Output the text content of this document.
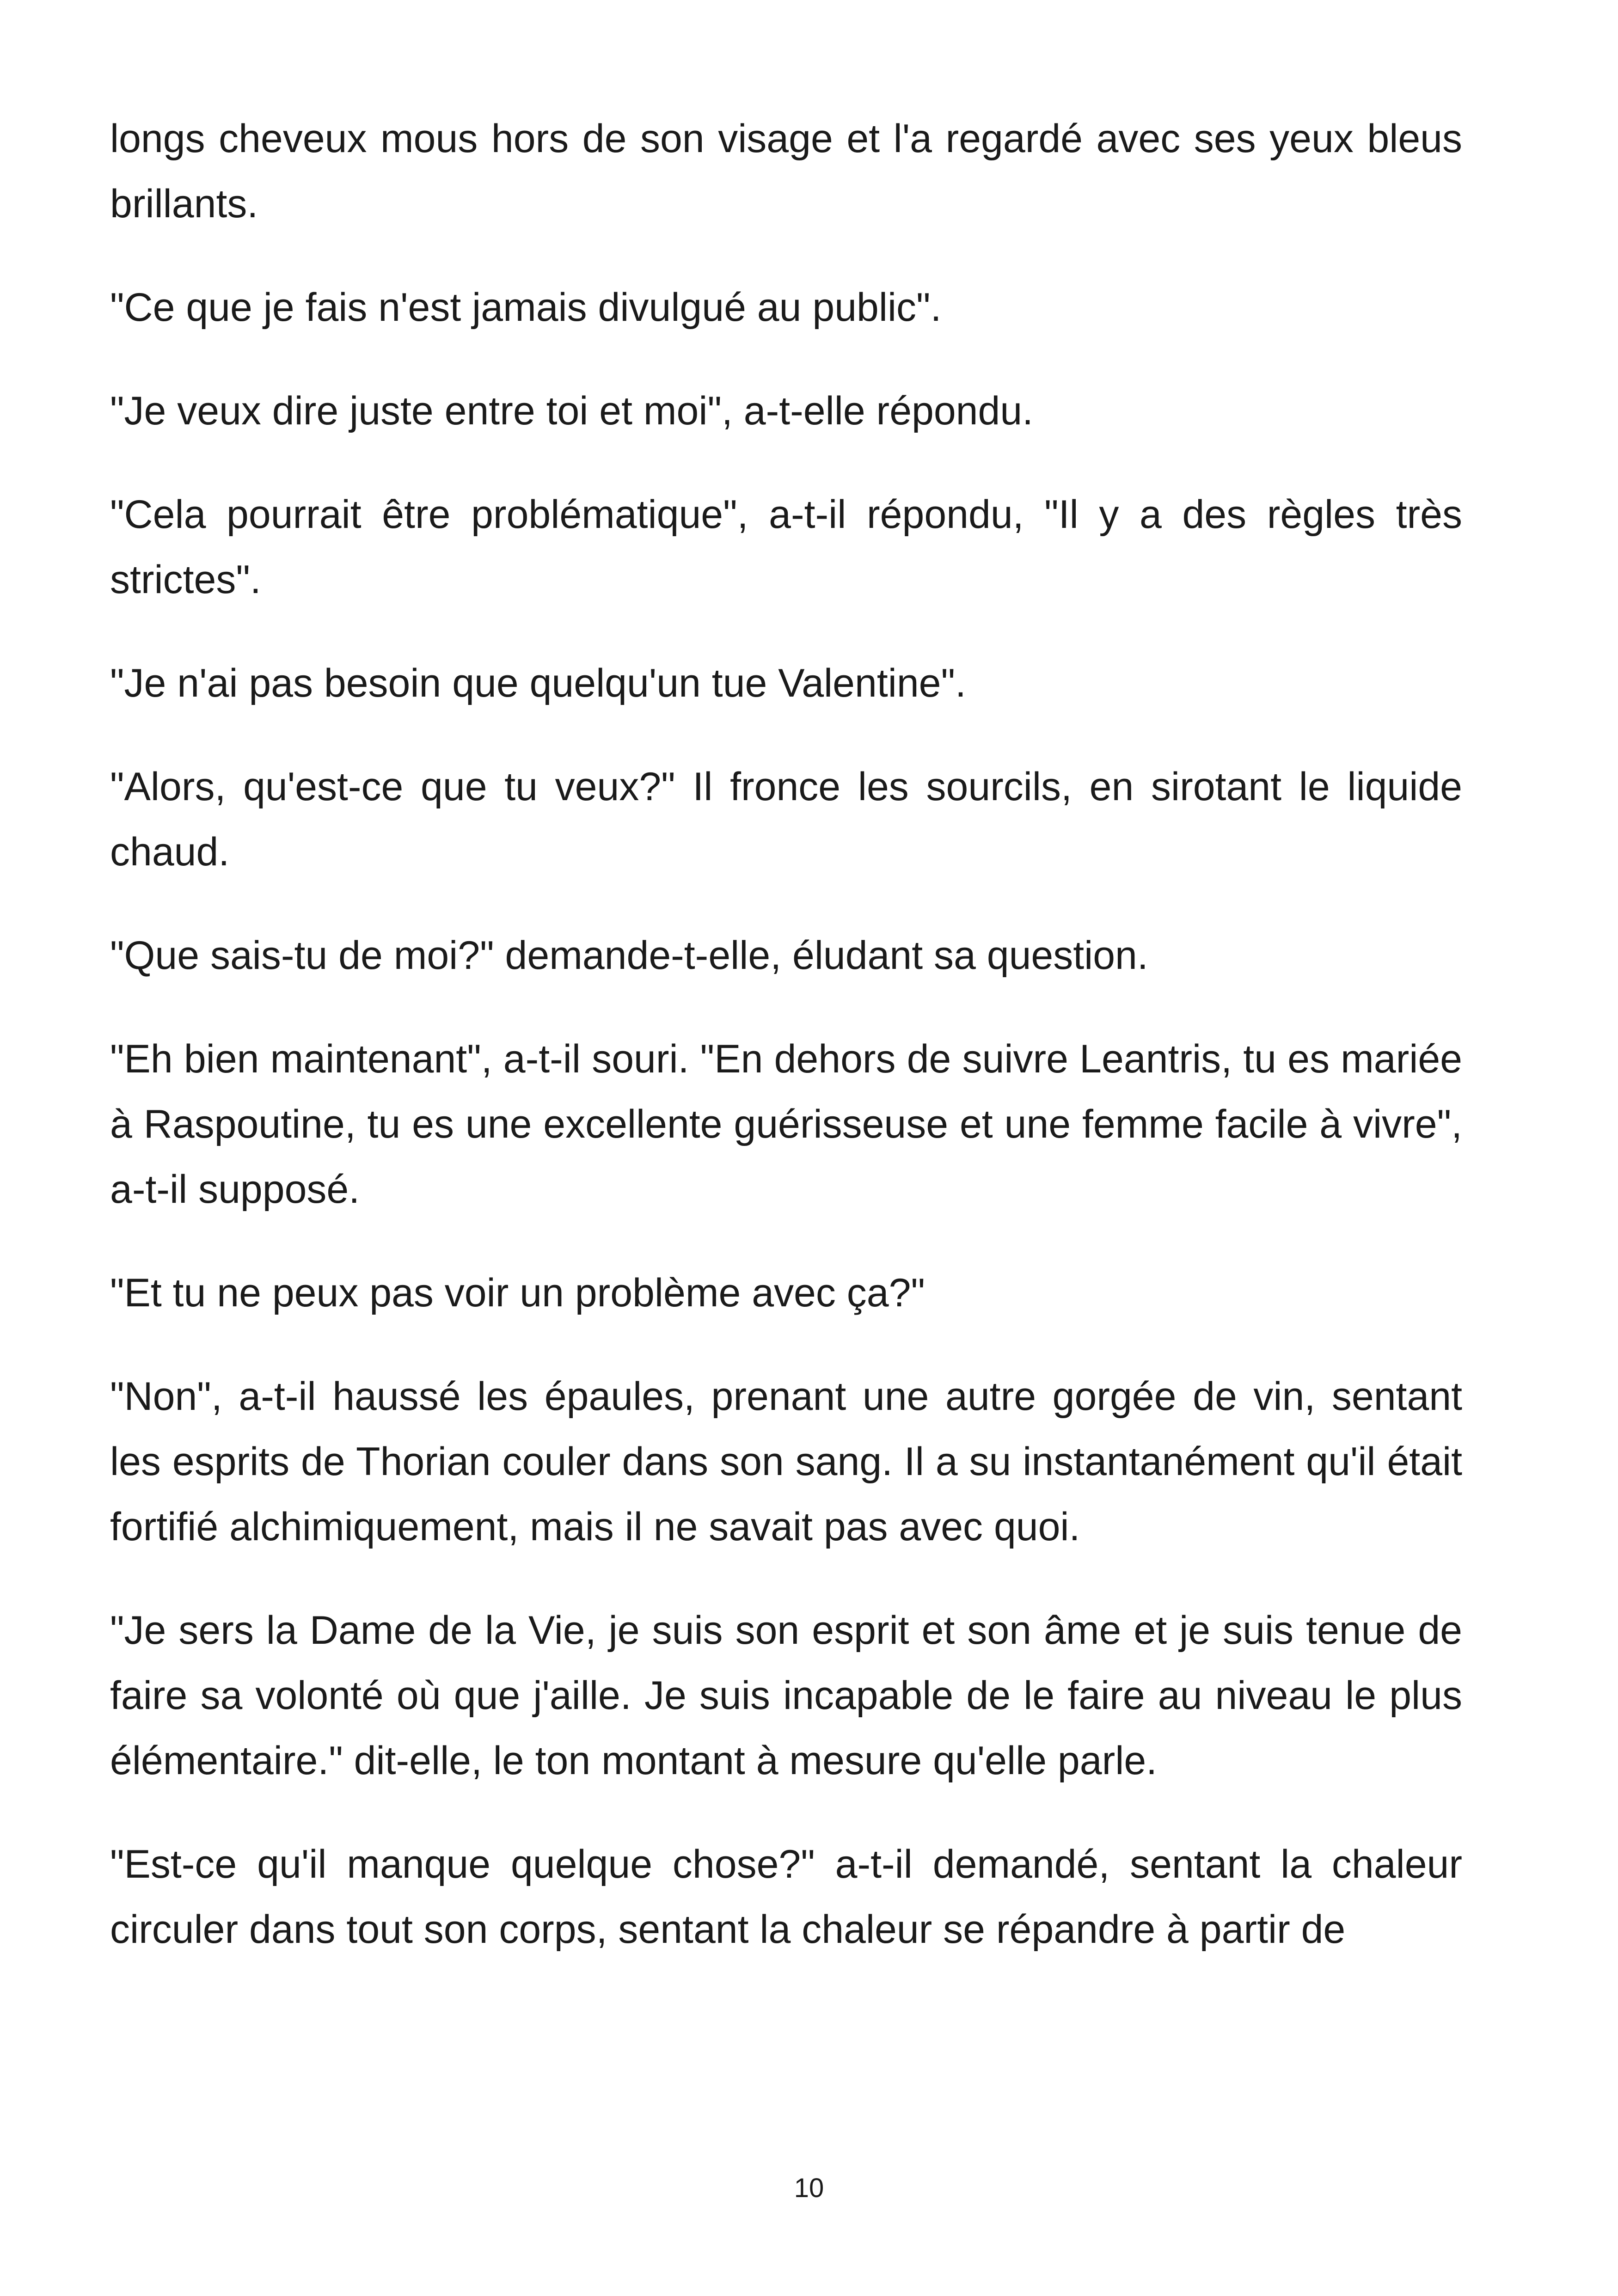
longs cheveux mous hors de son visage et l'a regardé avec ses yeux bleus brillants.

"Ce que je fais n'est jamais divulgué au public".

"Je veux dire juste entre toi et moi", a-t-elle répondu.

"Cela pourrait être problématique", a-t-il répondu, "Il y a des règles très strictes".

"Je n'ai pas besoin que quelqu'un tue Valentine".

"Alors, qu'est-ce que tu veux?" Il fronce les sourcils, en sirotant le liquide chaud.

"Que sais-tu de moi?" demande-t-elle, éludant sa question.

"Eh bien maintenant", a-t-il souri. "En dehors de suivre Leantris, tu es mariée à Raspoutine, tu es une excellente guérisseuse et une femme facile à vivre", a-t-il supposé.

"Et tu ne peux pas voir un problème avec ça?"

"Non", a-t-il haussé les épaules, prenant une autre gorgée de vin, sentant les esprits de Thorian couler dans son sang. Il a su instantanément qu'il était fortifié alchimiquement, mais il ne savait pas avec quoi.

"Je sers la Dame de la Vie, je suis son esprit et son âme et je suis tenue de faire sa volonté où que j'aille. Je suis incapable de le faire au niveau le plus élémentaire." dit-elle, le ton montant à mesure qu'elle parle.

"Est-ce qu'il manque quelque chose?" a-t-il demandé, sentant la chaleur circuler dans tout son corps, sentant la chaleur se répandre à partir de

10
